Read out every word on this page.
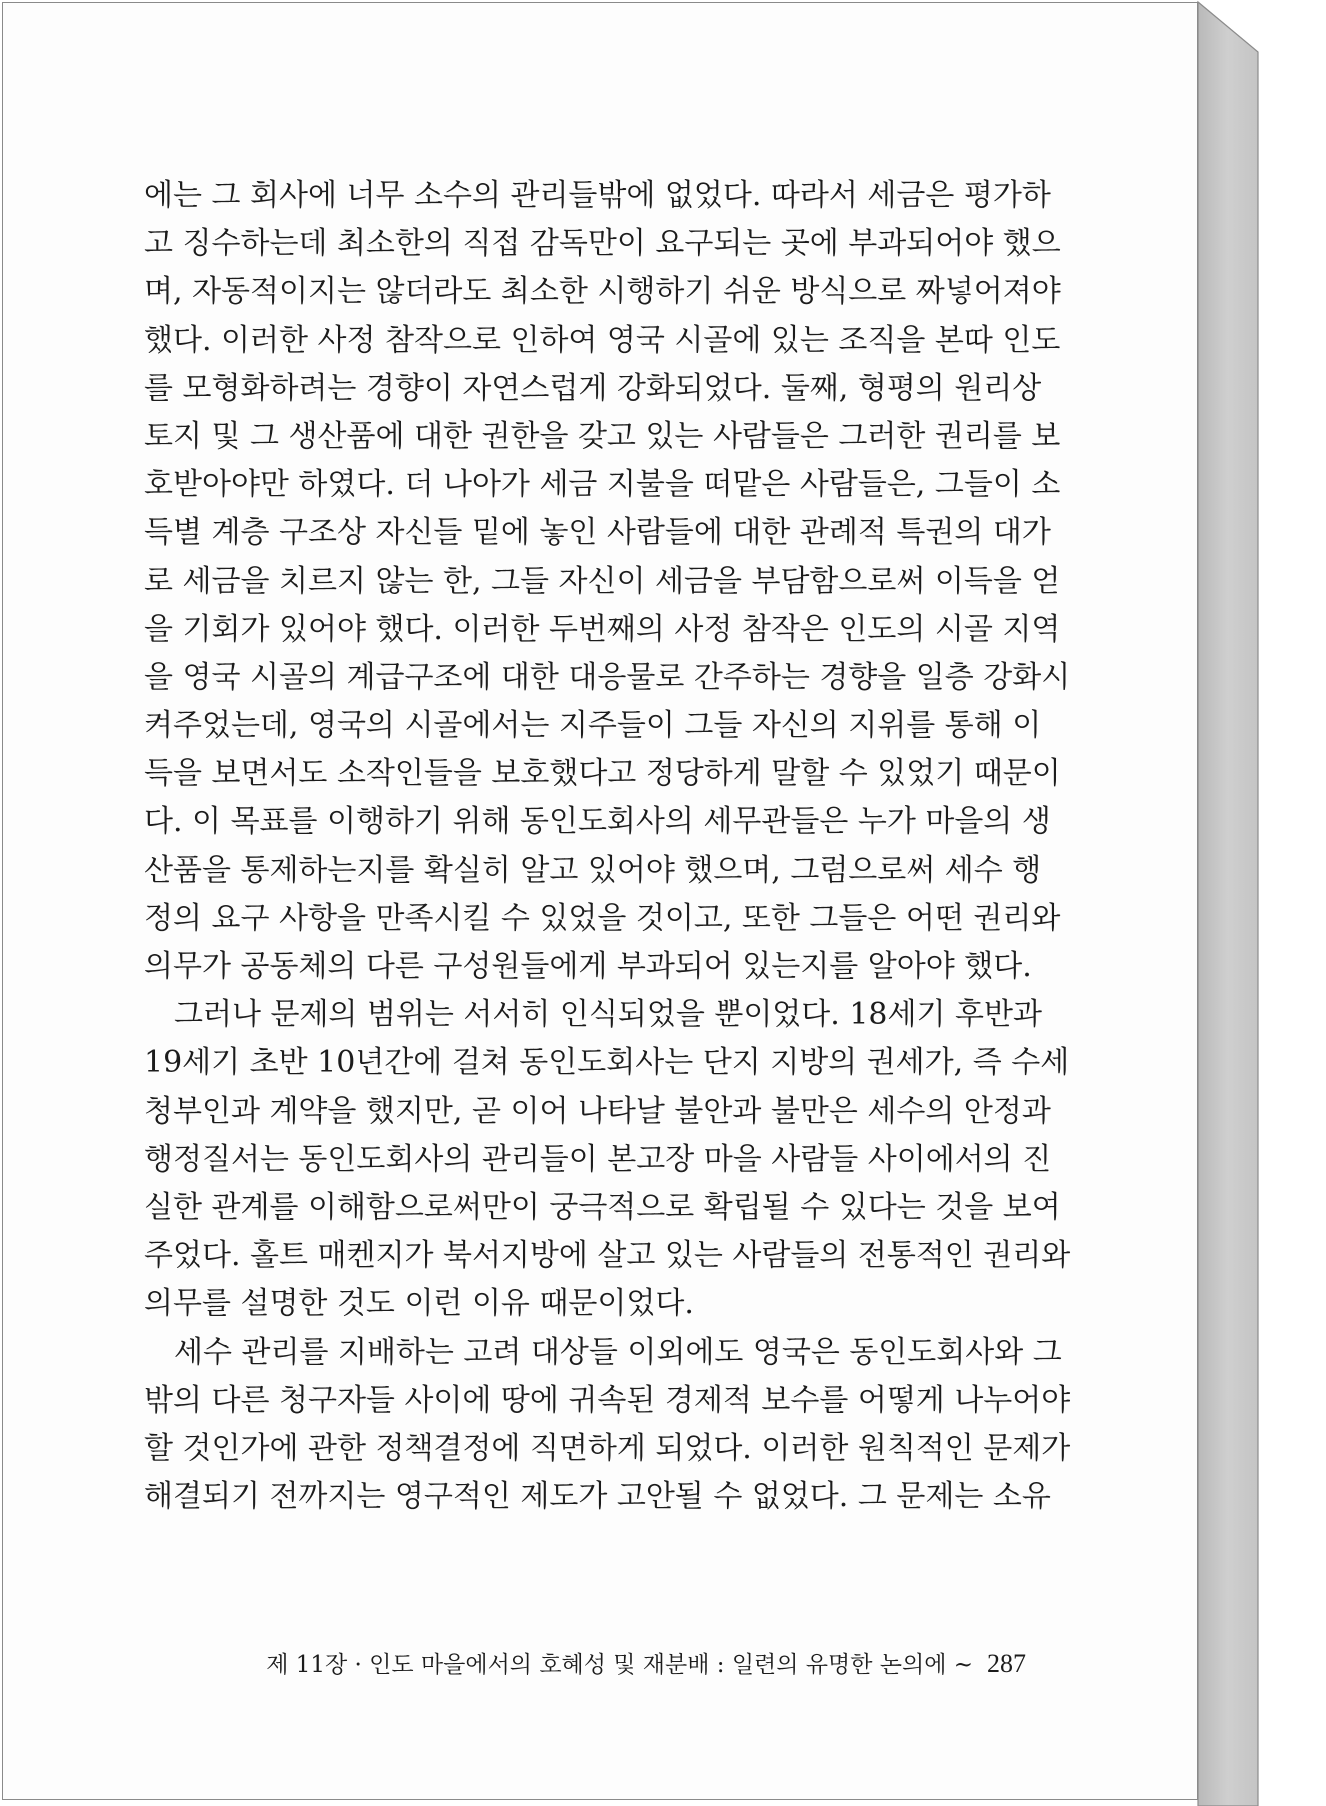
에는 그 회사에 너무 소수의 관리들밖에 없었다. 따라서 세금은 평가하
고 징수하는데 최소한의 직접 감독만이 요구되는 곳에 부과되어야 했으
며, 자동적이지는 않더라도 최소한 시행하기 쉬운 방식으로 짜넣어져야
했다. 이러한 사정 참작으로 인하여 영국 시골에 있는 조직을 본따 인도
를 모형화하려는 경향이 자연스럽게 강화되었다. 둘째, 형평의 원리상
토지 및 그 생산품에 대한 권한을 갖고 있는 사람들은 그러한 권리를 보
호받아야만 하였다. 더 나아가 세금 지불을 떠맡은 사람들은, 그들이 소
득별 계층 구조상 자신들 밑에 놓인 사람들에 대한 관례적 특권의 대가
로 세금을 치르지 않는 한, 그들 자신이 세금을 부담함으로써 이득을 얻
을 기회가 있어야 했다. 이러한 두번째의 사정 참작은 인도의 시골 지역
을 영국 시골의 계급구조에 대한 대응물로 간주하는 경향을 일층 강화시
켜주었는데, 영국의 시골에서는 지주들이 그들 자신의 지위를 통해 이
득을 보면서도 소작인들을 보호했다고 정당하게 말할 수 있었기 때문이
다. 이 목표를 이행하기 위해 동인도회사의 세무관들은 누가 마을의 생
산품을 통제하는지를 확실히 알고 있어야 했으며, 그럼으로써 세수 행
정의 요구 사항을 만족시킬 수 있었을 것이고, 또한 그들은 어떤 권리와
의무가 공동체의 다른 구성원들에게 부과되어 있는지를 알아야 했다.
그러나 문제의 범위는 서서히 인식되었을 뿐이었다. 18세기 후반과
19세기 초반 10년간에 걸쳐 동인도회사는 단지 지방의 권세가, 즉 수세
청부인과 계약을 했지만, 곧 이어 나타날 불안과 불만은 세수의 안정과
행정질서는 동인도회사의 관리들이 본고장 마을 사람들 사이에서의 진
실한 관계를 이해함으로써만이 궁극적으로 확립될 수 있다는 것을 보여
주었다. 홀트 매켄지가 북서지방에 살고 있는 사람들의 전통적인 권리와
의무를 설명한 것도 이런 이유 때문이었다.
세수 관리를 지배하는 고려 대상들 이외에도 영국은 동인도회사와 그
밖의 다른 청구자들 사이에 땅에 귀속된 경제적 보수를 어떻게 나누어야
할 것인가에 관한 정책결정에 직면하게 되었다. 이러한 원칙적인 문제가
해결되기 전까지는 영구적인 제도가 고안될 수 없었다. 그 문제는 소유
제 11장 · 인도 마을에서의 호혜성 및 재분배 : 일련의 유명한 논의에 ~ 287
